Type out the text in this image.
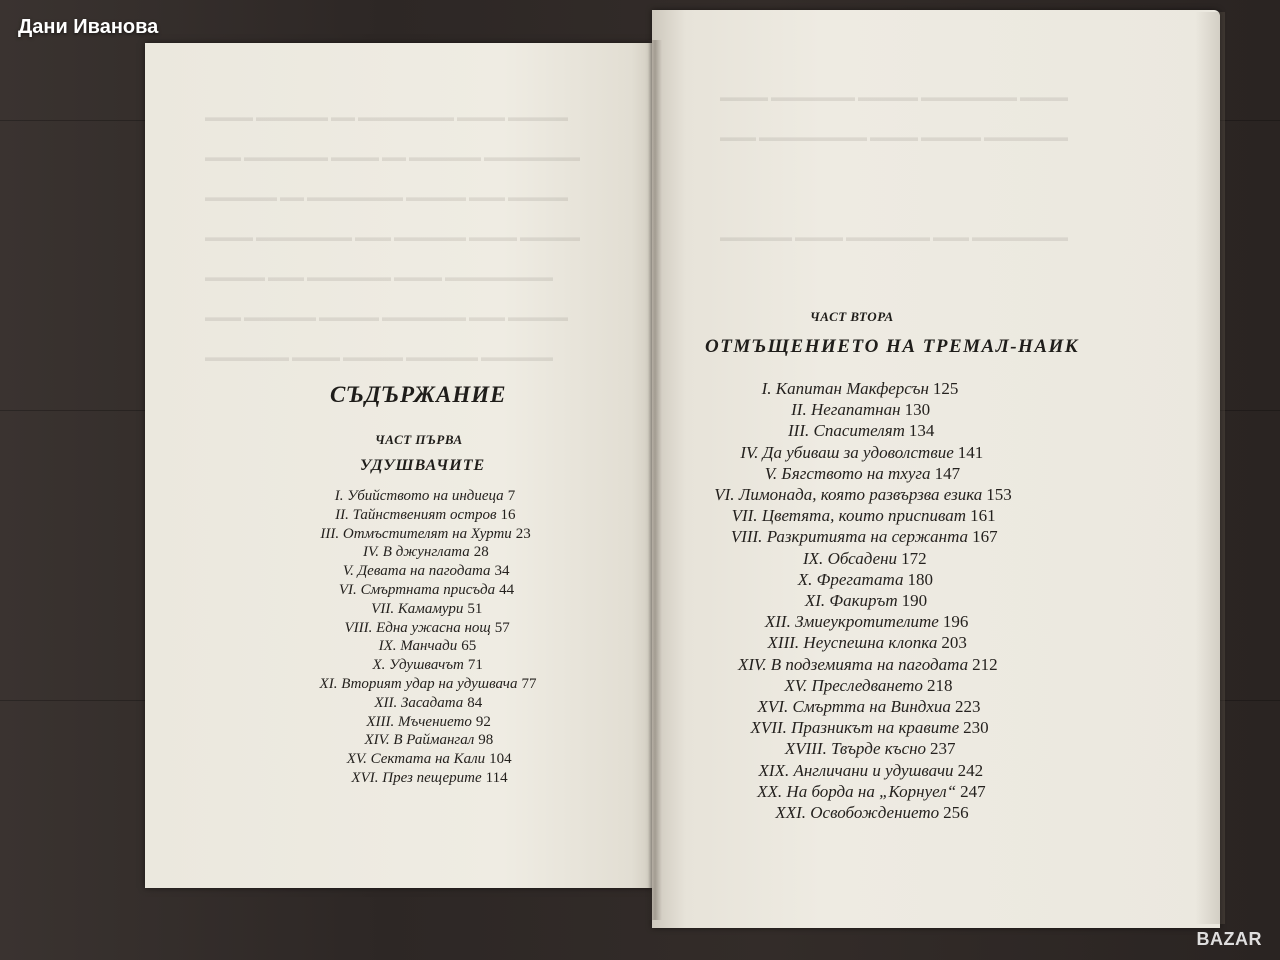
▬▬▬▬ ▬▬▬▬▬▬ ▬▬ ▬▬▬▬▬▬▬▬ ▬▬▬▬ ▬▬▬▬▬
▬▬▬ ▬▬▬▬▬▬▬ ▬▬▬▬ ▬▬ ▬▬▬▬▬▬ ▬▬▬▬▬▬▬▬
▬▬▬▬▬▬ ▬▬ ▬▬▬▬▬▬▬▬ ▬▬▬▬▬ ▬▬▬ ▬▬▬▬▬
▬▬▬▬ ▬▬▬▬▬▬▬▬ ▬▬▬ ▬▬▬▬▬▬ ▬▬▬▬ ▬▬▬▬▬
▬▬▬▬▬ ▬▬▬ ▬▬▬▬▬▬▬ ▬▬▬▬ ▬▬▬▬▬▬▬▬▬
▬▬▬ ▬▬▬▬▬▬ ▬▬▬▬▬ ▬▬▬▬▬▬▬ ▬▬▬ ▬▬▬▬▬
▬▬▬▬▬▬▬ ▬▬▬▬ ▬▬▬▬▬ ▬▬▬▬▬▬ ▬▬▬▬▬▬
▬▬▬▬ ▬▬▬▬▬▬▬ ▬▬▬▬▬ ▬▬▬▬▬▬▬▬ ▬▬▬▬
▬▬▬ ▬▬▬▬▬▬▬▬▬ ▬▬▬▬ ▬▬▬▬▬ ▬▬▬▬▬▬▬
▬▬▬▬▬▬ ▬▬▬▬ ▬▬▬▬▬▬▬ ▬▬▬ ▬▬▬▬▬▬▬▬
Дани Иванова
BAZAR
СЪДЪРЖАНИЕ
ЧАСТ ПЪРВА
УДУШВАЧИТЕ
ЧАСТ ВТОРА
ОТМЪЩЕНИЕТО НА ТРЕМАЛ-НАИК
I. Убийството на индиеца 7
II. Тайнственият остров 16
III. Отмъстителят на Хурти 23
IV. В джунглата 28
V. Девата на пагодата 34
VI. Смъртната присъда 44
VII. Камамури 51
VIII. Една ужасна нощ 57
IX. Манчади 65
X. Удушвачът 71
XI. Вторият удар на удушвача 77
XII. Засадата 84
XIII. Мъчението 92
XIV. В Раймангал 98
XV. Сектата на Кали 104
XVI. През пещерите 114
I. Капитан Макферсън 125
II. Негапатнан 130
III. Спасителят 134
IV. Да убиваш за удоволствие 141
V. Бягството на тхуга 147
VI. Лимонада, която развързва езика 153
VII. Цветята, които приспиват 161
VIII. Разкритията на сержанта 167
IX. Обсадени 172
X. Фрегатата 180
XI. Факирът 190
XII. Змиеукротителите 196
XIII. Неуспешна клопка 203
XIV. В подземията на пагодата 212
XV. Преследването 218
XVI. Смъртта на Виндхиа 223
XVII. Празникът на кравите 230
XVIII. Твърде късно 237
XIX. Англичани и удушвачи 242
XX. На борда на „Корнуел“ 247
XXI. Освобождението 256
